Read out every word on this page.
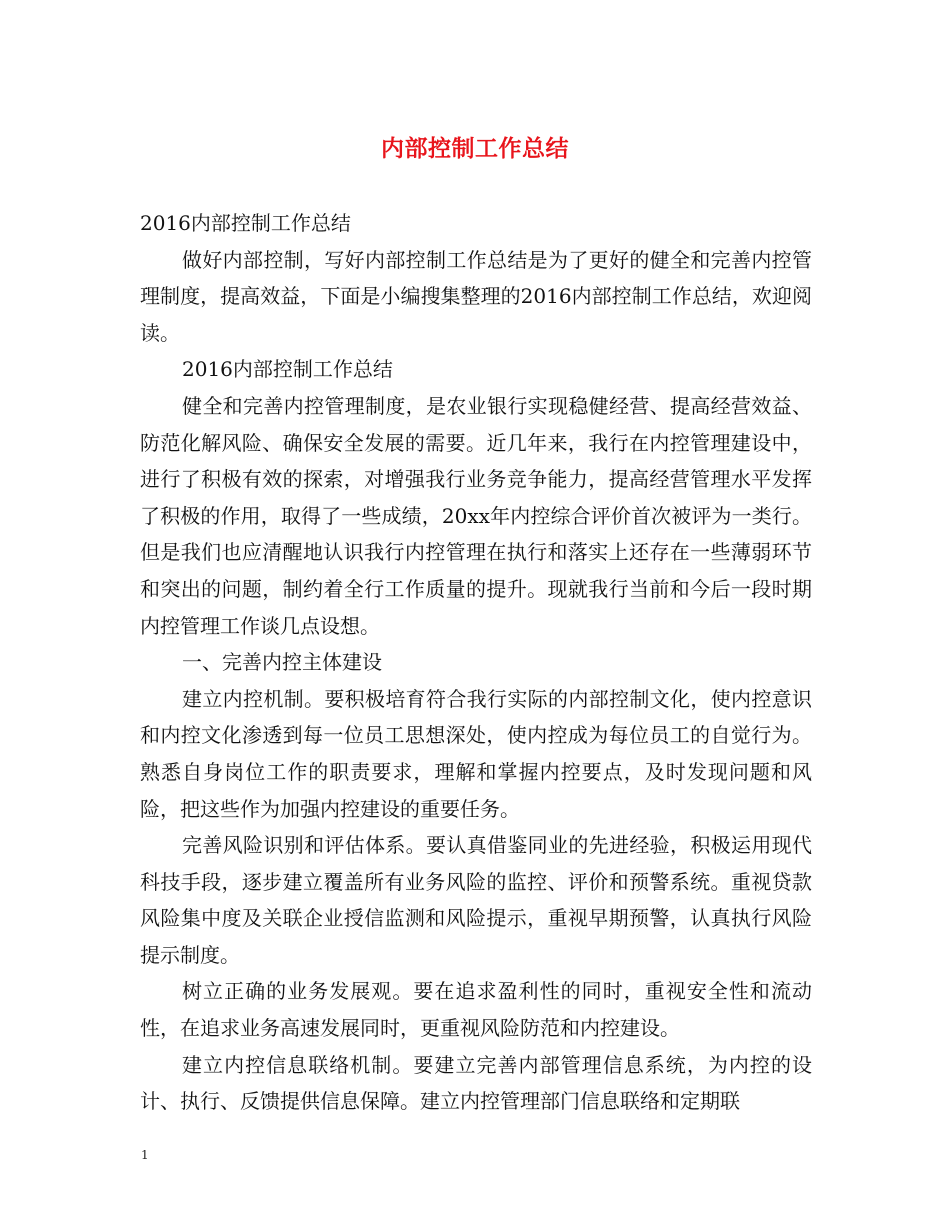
内部控制工作总结

2016内部控制工作总结

做好内部控制，写好内部控制工作总结是为了更好的健全和完善内控管理制度，提高效益，下面是小编搜集整理的2016内部控制工作总结，欢迎阅读。

2016内部控制工作总结

健全和完善内控管理制度，是农业银行实现稳健经营、提高经营效益、防范化解风险、确保安全发展的需要。近几年来，我行在内控管理建设中，进行了积极有效的探索，对增强我行业务竞争能力，提高经营管理水平发挥了积极的作用，取得了一些成绩，20xx年内控综合评价首次被评为一类行。但是我们也应清醒地认识我行内控管理在执行和落实上还存在一些薄弱环节和突出的问题，制约着全行工作质量的提升。现就我行当前和今后一段时期内控管理工作谈几点设想。

一、完善内控主体建设

建立内控机制。要积极培育符合我行实际的内部控制文化，使内控意识和内控文化渗透到每一位员工思想深处，使内控成为每位员工的自觉行为。熟悉自身岗位工作的职责要求，理解和掌握内控要点，及时发现问题和风险，把这些作为加强内控建设的重要任务。

完善风险识别和评估体系。要认真借鉴同业的先进经验，积极运用现代科技手段，逐步建立覆盖所有业务风险的监控、评价和预警系统。重视贷款风险集中度及关联企业授信监测和风险提示，重视早期预警，认真执行风险提示制度。

树立正确的业务发展观。要在追求盈利性的同时，重视安全性和流动性，在追求业务高速发展同时，更重视风险防范和内控建设。

建立内控信息联络机制。要建立完善内部管理信息系统，为内控的设计、执行、反馈提供信息保障。建立内控管理部门信息联络和定期联

1
